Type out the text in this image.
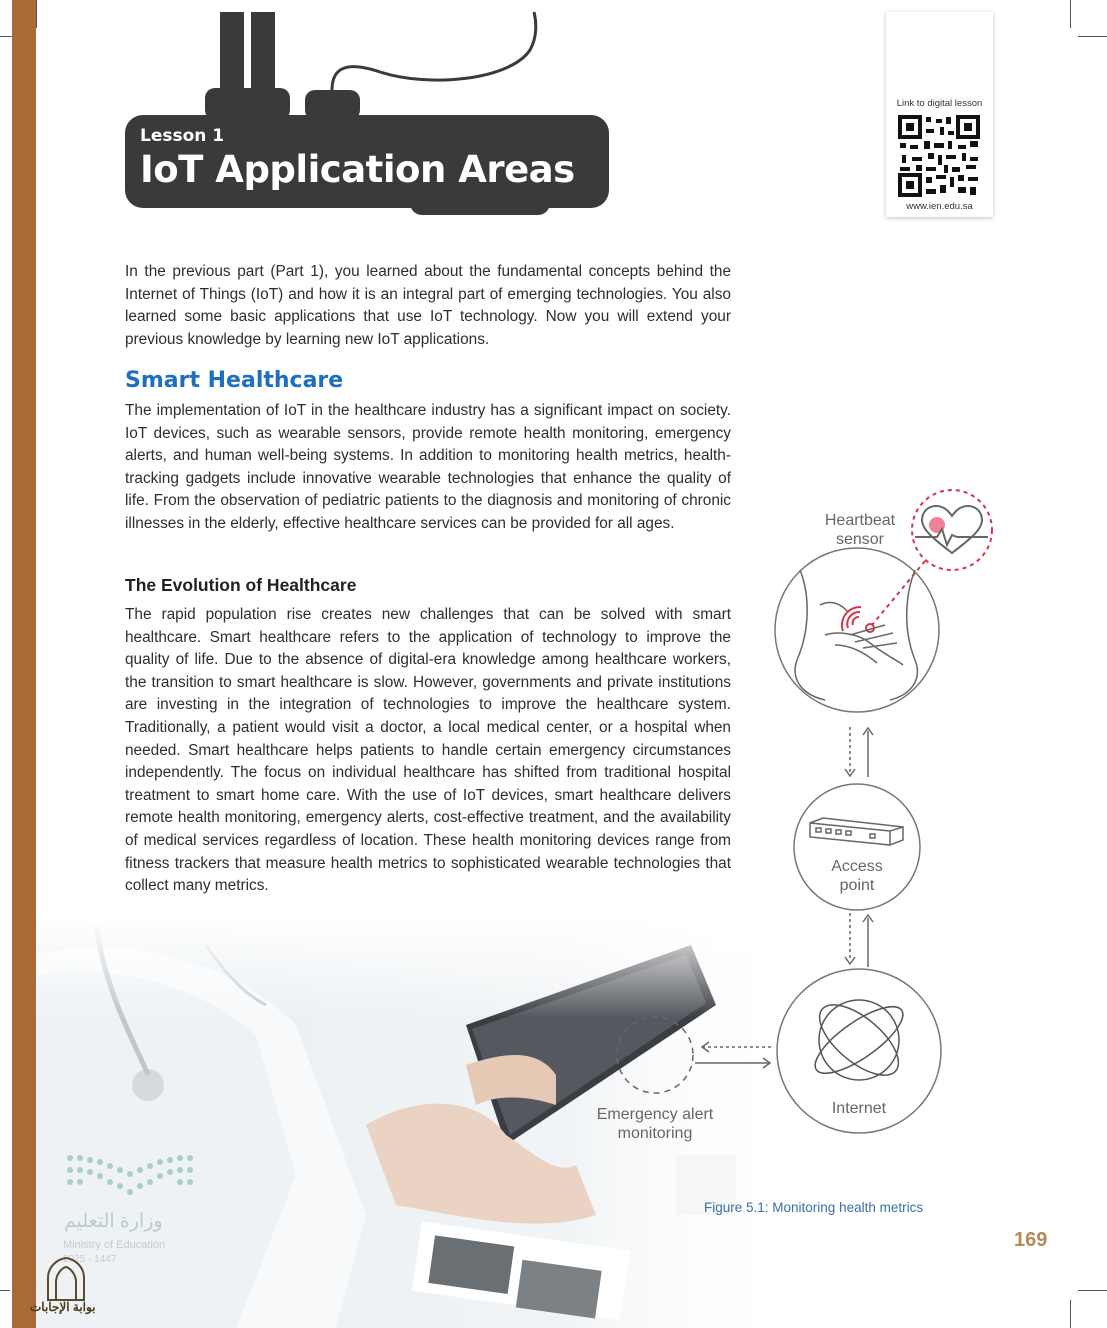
Lesson 1
IoT Application Areas
Link to digital lesson
www.ien.edu.sa
In the previous part (Part 1), you learned about the fundamental concepts behind the Internet of Things (IoT) and how it is an integral part of emerging technologies. You also learned some basic applications that use IoT technology. Now you will extend your previous knowledge by learning new IoT applications.
Smart Healthcare
The implementation of IoT in the healthcare industry has a significant impact on society. IoT devices, such as wearable sensors, provide remote health monitoring, emergency alerts, and human well-being systems. In addition to monitoring health metrics, health-tracking gadgets include innovative wearable technologies that enhance the quality of life. From the observation of pediatric patients to the diagnosis and monitoring of chronic illnesses in the elderly, effective healthcare services can be provided for all ages.
The Evolution of Healthcare
The rapid population rise creates new challenges that can be solved with smart healthcare. Smart healthcare refers to the application of technology to improve the quality of life. Due to the absence of digital-era knowledge among healthcare workers, the transition to smart healthcare is slow. However, governments and private institutions are investing in the integration of technologies to improve the healthcare system. Traditionally, a patient would visit a doctor, a local medical center, or a hospital when needed. Smart healthcare helps patients to handle certain emergency circumstances independently. The focus on individual healthcare has shifted from traditional hospital treatment to smart home care. With the use of IoT devices, smart healthcare delivers remote health monitoring, emergency alerts, cost-effective treatment, and the availability of medical services regardless of location. These health monitoring devices range from fitness trackers that measure health metrics to sophisticated wearable technologies that collect many metrics.
وزارة التعليم
Ministry of Education
2025 - 1447
بوابة الإجابات
Heartbeat
sensor
Access
point
Internet
Emergency alert
monitoring
Figure 5.1: Monitoring health metrics
169
